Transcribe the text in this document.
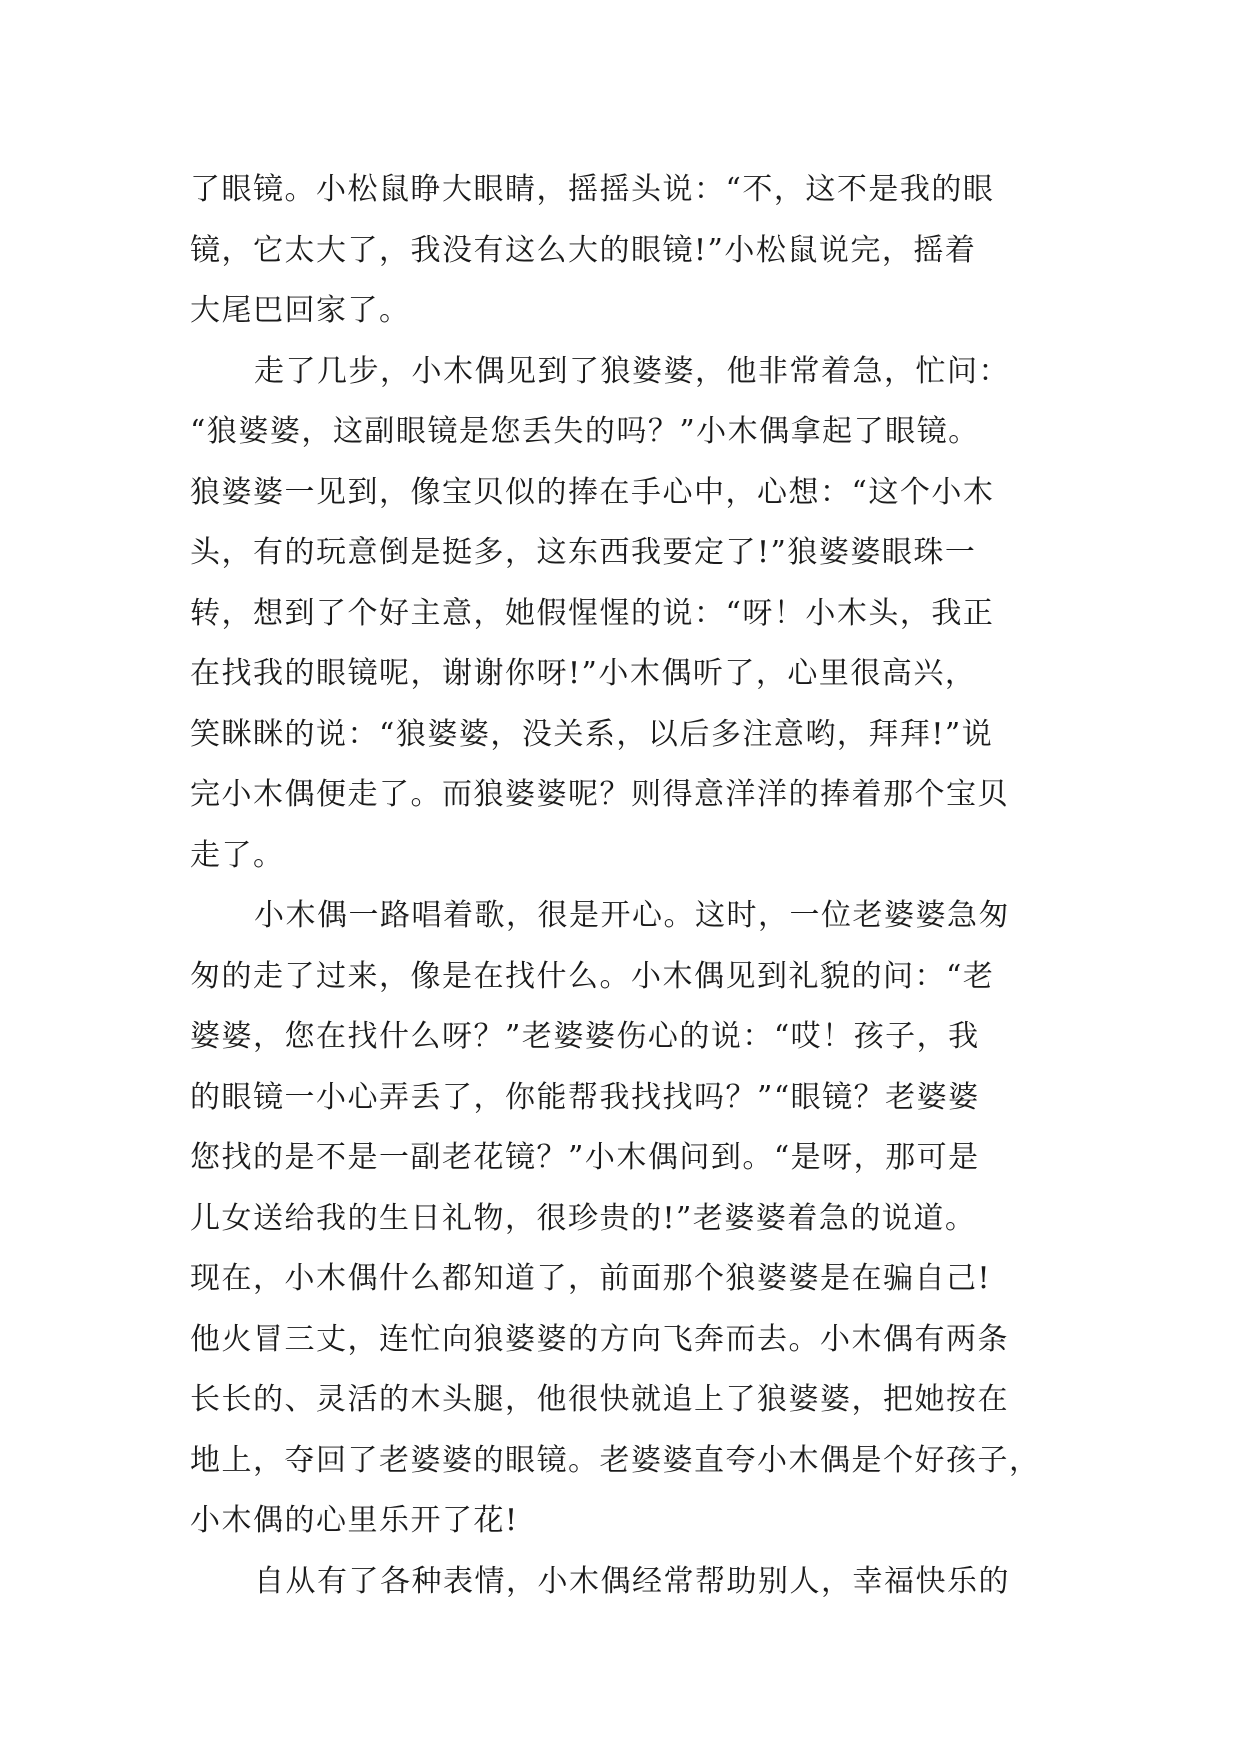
了眼镜。小松鼠睁大眼睛，摇摇头说：“不，这不是我的眼
镜，它太大了，我没有这么大的眼镜!”小松鼠说完，摇着
大尾巴回家了。
走了几步，小木偶见到了狼婆婆，他非常着急，忙问：
“狼婆婆，这副眼镜是您丢失的吗？”小木偶拿起了眼镜。
狼婆婆一见到，像宝贝似的捧在手心中，心想：“这个小木
头，有的玩意倒是挺多，这东西我要定了!”狼婆婆眼珠一
转，想到了个好主意，她假惺惺的说：“呀！小木头，我正
在找我的眼镜呢，谢谢你呀!”小木偶听了，心里很高兴，
笑眯眯的说：“狼婆婆，没关系，以后多注意哟，拜拜!”说
完小木偶便走了。而狼婆婆呢？则得意洋洋的捧着那个宝贝
走了。
小木偶一路唱着歌，很是开心。这时，一位老婆婆急匆
匆的走了过来，像是在找什么。小木偶见到礼貌的问：“老
婆婆，您在找什么呀？”老婆婆伤心的说：“哎！孩子，我
的眼镜一小心弄丢了，你能帮我找找吗？”“眼镜？老婆婆
您找的是不是一副老花镜？”小木偶问到。“是呀，那可是
儿女送给我的生日礼物，很珍贵的!”老婆婆着急的说道。
现在，小木偶什么都知道了，前面那个狼婆婆是在骗自己!
他火冒三丈，连忙向狼婆婆的方向飞奔而去。小木偶有两条
长长的、灵活的木头腿，他很快就追上了狼婆婆，把她按在
地上，夺回了老婆婆的眼镜。老婆婆直夸小木偶是个好孩子，
小木偶的心里乐开了花!
自从有了各种表情，小木偶经常帮助别人，幸福快乐的
